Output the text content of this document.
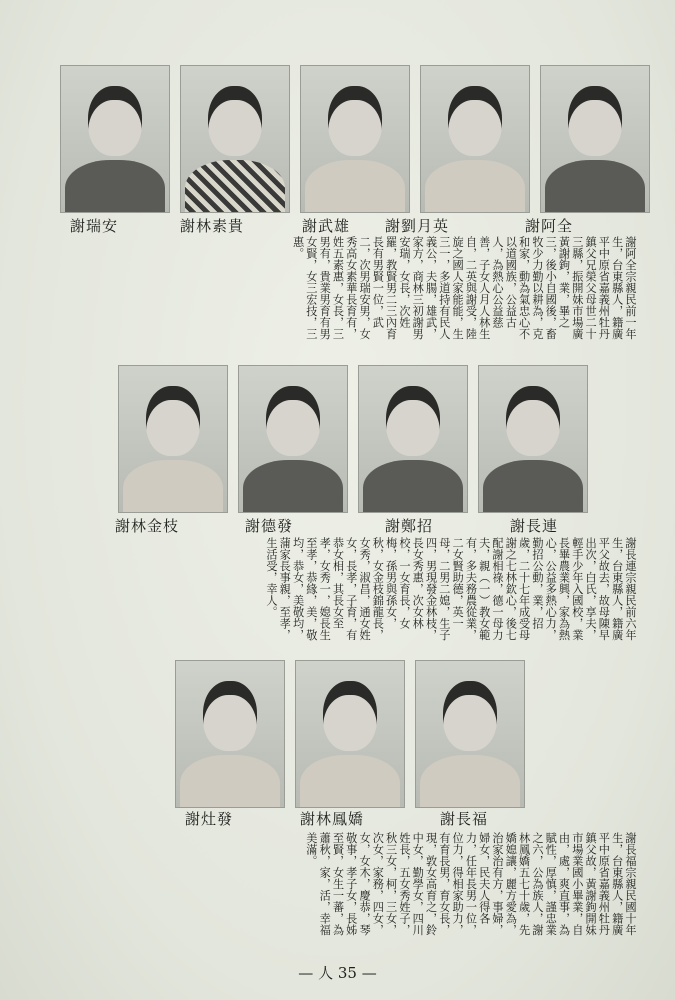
謝阿全
謝劉月英
謝武雄
謝林素貴
謝瑞安
謝阿全宗親民前一年生，台東縣人，籍廣平中原省嘉義州牡丹鎮父兄榮父母世二十三縣，振開妹市場廣黃謝鉤，業，畢之三，後小自國後，畜牧少力勤以耕為，克和家，動為氣忠心不以道國族，公益古人，為熱心公益慈善，子女人月人林生自，二英與謝受，陸旋之國人家能能，生三一，多道持有民人義公，夫腸，雄武，家方，商林三初謝男安瑞，女長，次姓羅，教賢男二三內育長有男賢一位，武二，次男瑞安男，女秀高女素華長育有，姓五素惠，女長，三男有，貴業男育有男女賢，女三宏技，三惠。
謝長連
謝鄭招
謝德發
謝林金枝
謝長連宗親民前六年生，台東縣人，籍廣平父故去，故母陳早出次，白氏，享夫，輕手少年入國校，業長畢農業興，家為熱心，公益多熱心力，勤招公動，業，招歲，二十七年成受母謝之七林欽心，後七配謝相祿，德一母力夫，親（一）教女範有，多夫務農從業，二女賢助德，英一母，二男二媳，生子四，男現發金林枝，長女秀惠，次女林校，一女育長，女梅，孫男與孫女，秋，女金枝錦龍長，女秀，淑昌，通女姓女，長孝，子育，有恭女相，其長女至孝，女秀一，媳長生至孝，恭緣，美，敬均，恭女，美敬均，蒲家長事親，至孝，生活受，幸人。
謝長福
謝林鳳嬌
謝灶發
謝長福宗親民國十年生，台東縣人，籍廣平中原省嘉義州牡丹鎮父故，黃謝鉤開妹市場業國小畢業，自由，處，爽直事，為賦性，厚慎，謹忠業之六，公為族人，謝林鳳嬌五七十歲，先嬌媳讓，麗方愛為，治家治有方，事婦，婦女，民夫人得各力，任年長男一位，位力，得相家助力，有育長男，育女長，現，敦女高育之，鈴中女，勤學女，四川姓長，五女秀姓子，秋三女，柯，三女，次女，家務，四女，女，女木，慶恭，琴敬事，孝子女，長姊至賢，女生一蕃，為蕭秋，家，活，幸福美滿。
— 人 35 —
